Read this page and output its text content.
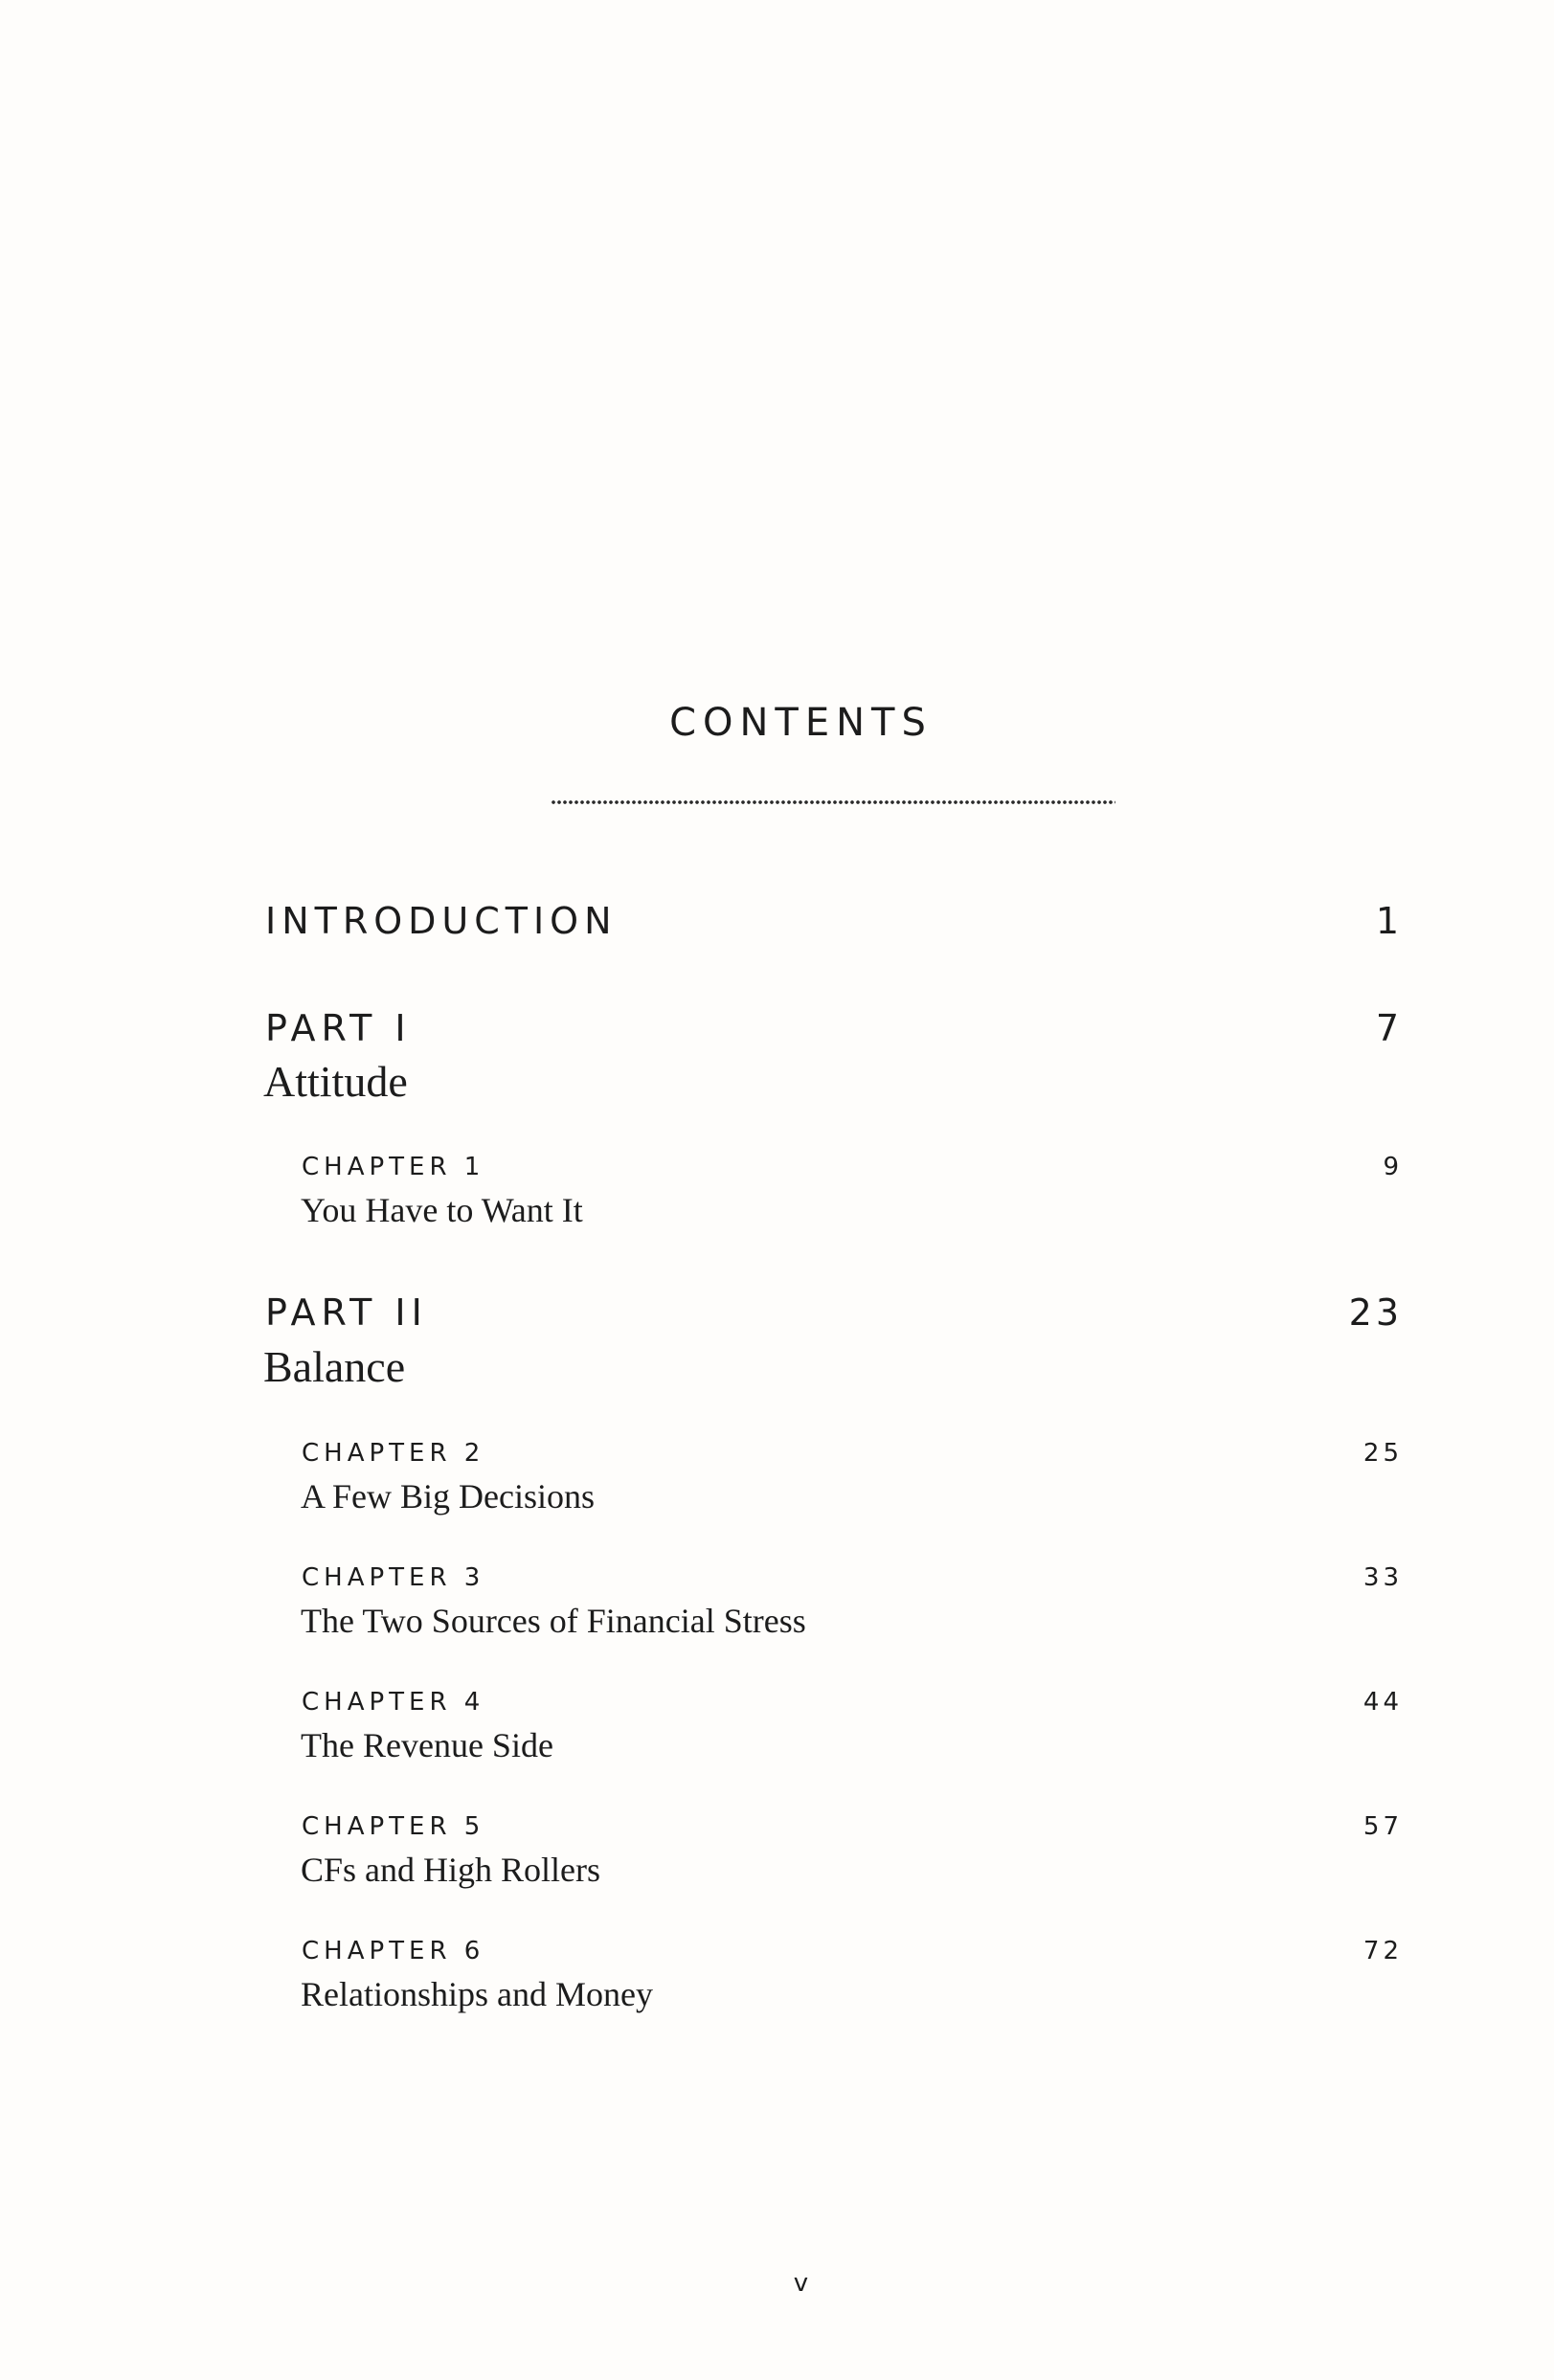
CONTENTS
INTRODUCTION	1
PART I	7
Attitude
CHAPTER 1	9
You Have to Want It
PART II	23
Balance
CHAPTER 2	25
A Few Big Decisions
CHAPTER 3	33
The Two Sources of Financial Stress
CHAPTER 4	44
The Revenue Side
CHAPTER 5	57
CFs and High Rollers
CHAPTER 6	72
Relationships and Money
v
